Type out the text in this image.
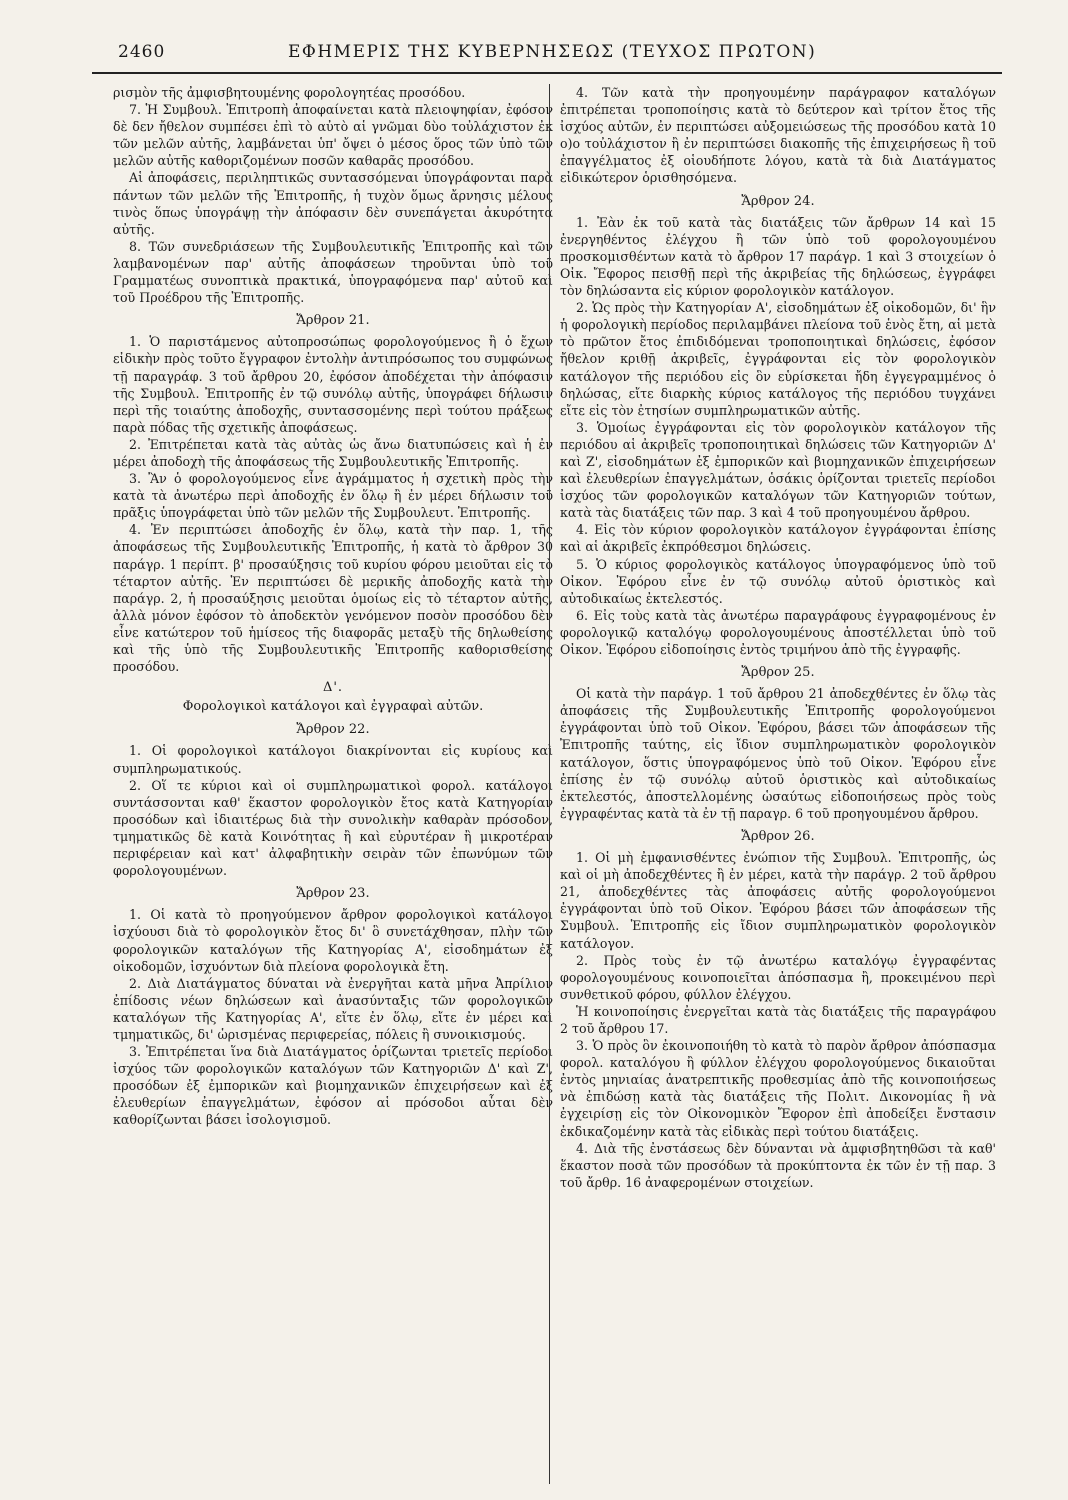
2460	ΕΦΗΜΕΡΙΣ ΤΗΣ ΚΥΒΕΡΝΗΣΕΩΣ (ΤΕΥΧΟΣ ΠΡΩΤΟΝ)

ρισμὸν τῆς ἀμφισβητουμένης φορολογητέας προσόδου.

7. Ἡ Συμβουλ. Ἐπιτροπὴ ἀποφαίνεται κατὰ πλειοψηφίαν, ἐφόσον δὲ δεν ἤθελον συμπέσει ἐπὶ τὸ αὐτὸ αἱ γνῶμαι δὺο τοὐλάχιστον ἐκ τῶν μελῶν αὐτῆς, λαμβάνεται ὑπ' ὄψει ὁ μέσος ὅρος τῶν ὑπὸ τῶν μελῶν αὐτῆς καθοριζομένων ποσῶν καθαρᾶς προσόδου.

Αἱ ἀποφάσεις, περιληπτικῶς συντασσόμεναι ὑπογράφονται παρὰ πάντων τῶν μελῶν τῆς Ἐπιτροπῆς, ἡ τυχὸν ὅμως ἄρνησις μέλους τινὸς ὅπως ὑπογράψῃ τὴν ἀπόφασιν δὲν συνεπάγεται ἀκυρότητα αὐτῆς.

8. Τῶν συνεδριάσεων τῆς Συμβουλευτικῆς Ἐπιτροπῆς καὶ τῶν λαμβανομένων παρ' αὐτῆς ἀποφάσεων τηροῦνται ὑπὸ τοῦ Γραμματέως συνοπτικὰ πρακτικά, ὑπογραφόμενα παρ' αὐτοῦ καὶ τοῦ Προέδρου τῆς Ἐπιτροπῆς.

Ἄρθρον 21.

1. Ὁ παριστάμενος αὐτοπροσώπως φορολογούμενος ἢ ὁ ἔχων εἰδικὴν πρὸς τοῦτο ἔγγραφον ἐντολὴν ἀντιπρόσωπος του συμφώνως τῇ παραγράφ. 3 τοῦ ἄρθρου 20, ἐφόσον ἀποδέχεται τὴν ἀπόφασιν τῆς Συμβουλ. Ἐπιτροπῆς ἐν τῷ συνόλῳ αὐτῆς, ὑπογράφει δήλωσιν περὶ τῆς τοιαύτης ἀποδοχῆς, συντασσομένης περὶ τούτου πράξεως παρὰ πόδας τῆς σχετικῆς ἀποφάσεως.

2. Ἐπιτρέπεται κατὰ τὰς αὐτὰς ὡς ἄνω διατυπώσεις καὶ ἡ ἐν μέρει ἀποδοχὴ τῆς ἀποφάσεως τῆς Συμβουλευτικῆς Ἐπιτροπῆς.

3. Ἂν ὁ φορολογούμενος εἶνε ἀγράμματος ἡ σχετικὴ πρὸς τὴν κατὰ τὰ ἀνωτέρω περὶ ἀποδοχῆς ἐν ὅλῳ ἢ ἐν μέρει δήλωσιν τοῦ πρᾶξις ὑπογράφεται ὑπὸ τῶν μελῶν τῆς Συμβουλευτ. Ἐπιτροπῆς.

4. Ἐν περιπτώσει ἀποδοχῆς ἐν ὅλῳ, κατὰ τὴν παρ. 1, τῆς ἀποφάσεως τῆς Συμβουλευτικῆς Ἐπιτροπῆς, ἡ κατὰ τὸ ἄρθρον 30 παράγρ. 1 περίπτ. β' προσαύξησις τοῦ κυρίου φόρου μειοῦται εἰς τὸ τέταρτον αὐτῆς. Ἐν περιπτώσει δὲ μερικῆς ἀποδοχῆς κατὰ τὴν παράγρ. 2, ἡ προσαύξησις μειοῦται ὁμοίως εἰς τὸ τέταρτον αὐτῆς, ἀλλὰ μόνον ἐφόσον τὸ ἀποδεκτὸν γενόμενον ποσὸν προσόδου δὲν εἶνε κατώτερον τοῦ ἡμίσεος τῆς διαφορᾶς μεταξὺ τῆς δηλωθείσης καὶ τῆς ὑπὸ τῆς Συμβουλευτικῆς Ἐπιτροπῆς καθορισθείσης προσόδου.

Δ'.
Φορολογικοὶ κατάλογοι καὶ ἐγγραφαὶ αὐτῶν.
Ἄρθρον 22.

1. Οἱ φορολογικοὶ κατάλογοι διακρίνονται εἰς κυρίους καὶ συμπληρωματικούς.

2. Οἵ τε κύριοι καὶ οἱ συμπληρωματικοὶ φορολ. κατάλογοι συντάσσονται καθ' ἕκαστον φορολογικὸν ἔτος κατὰ Κατηγορίαν προσόδων καὶ ἰδιαιτέρως διὰ τὴν συνολικὴν καθαρὰν πρόσοδον, τμηματικῶς δὲ κατὰ Κοινότητας ἢ καὶ εὐρυτέραν ἢ μικροτέραν περιφέρειαν καὶ κατ' ἀλφαβητικὴν σειρὰν τῶν ἐπωνύμων τῶν φορολογουμένων.

Ἄρθρον 23.

1. Οἱ κατὰ τὸ προηγούμενον ἄρθρον φορολογικοὶ κατάλογοι ἰσχύουσι διὰ τὸ φορολογικὸν ἔτος δι' ὃ συνετάχθησαν, πλὴν τῶν φορολογικῶν καταλόγων τῆς Κατηγορίας Α', εἰσοδημάτων ἐξ οἰκοδομῶν, ἰσχυόντων διὰ πλείονα φορολογικὰ ἔτη.

2. Διὰ Διατάγματος δύναται νὰ ἐνεργῆται κατὰ μῆνα Ἀπρίλιον ἐπίδοσις νέων δηλώσεων καὶ ἀνασύνταξις τῶν φορολογικῶν καταλόγων τῆς Κατηγορίας Α', εἴτε ἐν ὅλῳ, εἴτε ἐν μέρει καὶ τμηματικῶς, δι' ὡρισμένας περιφερείας, πόλεις ἢ συνοικισμούς.

3. Ἐπιτρέπεται ἵνα διὰ Διατάγματος ὁρίζωνται τριετεῖς περίοδοι ἰσχύος τῶν φορολογικῶν καταλόγων τῶν Κατηγοριῶν Δ' καὶ Ζ', προσόδων ἐξ ἐμπορικῶν καὶ βιομηχανικῶν ἐπιχειρήσεων καὶ ἐξ ἐλευθερίων ἐπαγγελμάτων, ἐφόσον αἱ πρόσοδοι αὗται δὲν καθορίζωνται βάσει ἰσολογισμοῦ.

4. Τῶν κατὰ τὴν προηγουμένην παράγραφον καταλόγων ἐπιτρέπεται τροποποίησις κατὰ τὸ δεύτερον καὶ τρίτον ἔτος τῆς ἰσχύος αὐτῶν, ἐν περιπτώσει αὐξομειώσεως τῆς προσόδου κατὰ 10 ο)ο τοὐλάχιστον ἢ ἐν περιπτώσει διακοπῆς τῆς ἐπιχειρήσεως ἢ τοῦ ἐπαγγέλματος ἐξ οἱουδήποτε λόγου, κατὰ τὰ διὰ Διατάγματος εἰδικώτερον ὁρισθησόμενα.

Ἄρθρον 24.

1. Ἐὰν ἐκ τοῦ κατὰ τὰς διατάξεις τῶν ἄρθρων 14 καὶ 15 ἐνεργηθέντος ἐλέγχου ἢ τῶν ὑπὸ τοῦ φορολογουμένου προσκομισθέντων κατὰ τὸ ἄρθρον 17 παράγρ. 1 καὶ 3 στοιχείων ὁ Οἰκ. Ἔφορος πεισθῇ περὶ τῆς ἀκριβείας τῆς δηλώσεως, ἐγγράφει τὸν δηλώσαντα εἰς κύριον φορολογικὸν κατάλογον.

2. Ὡς πρὸς τὴν Κατηγορίαν Α', εἰσοδημάτων ἐξ οἰκοδομῶν, δι' ἣν ἡ φορολογικὴ περίοδος περιλαμβάνει πλείονα τοῦ ἑνὸς ἔτη, αἱ μετὰ τὸ πρῶτον ἔτος ἐπιδιδόμεναι τροποποιητικαὶ δηλώσεις, ἐφόσον ἤθελον κριθῇ ἀκριβεῖς, ἐγγράφονται εἰς τὸν φορολογικὸν κατάλογον τῆς περιόδου εἰς ὃν εὑρίσκεται ἤδη ἐγγεγραμμένος ὁ δηλώσας, εἴτε διαρκὴς κύριος κατάλογος τῆς περιόδου τυγχάνει εἴτε εἰς τὸν ἐτησίων συμπληρωματικῶν αὐτῆς.

3. Ὁμοίως ἐγγράφονται εἰς τὸν φορολογικὸν κατάλογον τῆς περιόδου αἱ ἀκριβεῖς τροποποιητικαὶ δηλώσεις τῶν Κατηγοριῶν Δ' καὶ Ζ', εἰσοδημάτων ἐξ ἐμπορικῶν καὶ βιομηχανικῶν ἐπιχειρήσεων καὶ ἐλευθερίων ἐπαγγελμάτων, ὁσάκις ὁρίζονται τριετεῖς περίοδοι ἰσχύος τῶν φορολογικῶν καταλόγων τῶν Κατηγοριῶν τούτων, κατὰ τὰς διατάξεις τῶν παρ. 3 καὶ 4 τοῦ προηγουμένου ἄρθρου.

4. Εἰς τὸν κύριον φορολογικὸν κατάλογον ἐγγράφονται ἐπίσης καὶ αἱ ἀκριβεῖς ἐκπρόθεσμοι δηλώσεις.

5. Ὁ κύριος φορολογικὸς κατάλογος ὑπογραφόμενος ὑπὸ τοῦ Οἰκον. Ἐφόρου εἶνε ἐν τῷ συνόλῳ αὐτοῦ ὁριστικὸς καὶ αὐτοδικαίως ἐκτελεστός.

6. Εἰς τοὺς κατὰ τὰς ἀνωτέρω παραγράφους ἐγγραφομένους ἐν φορολογικῷ καταλόγῳ φορολογουμένους ἀποστέλλεται ὑπὸ τοῦ Οἰκον. Ἐφόρου εἰδοποίησις ἐντὸς τριμήνου ἀπὸ τῆς ἐγγραφῆς.

Ἄρθρον 25.

Οἱ κατὰ τὴν παράγρ. 1 τοῦ ἄρθρου 21 ἀποδεχθέντες ἐν ὅλῳ τὰς ἀποφάσεις τῆς Συμβουλευτικῆς Ἐπιτροπῆς φορολογούμενοι ἐγγράφονται ὑπὸ τοῦ Οἰκον. Ἐφόρου, βάσει τῶν ἀποφάσεων τῆς Ἐπιτροπῆς ταύτης, εἰς ἴδιον συμπληρωματικὸν φορολογικὸν κατάλογον, ὅστις ὑπογραφόμενος ὑπὸ τοῦ Οἰκον. Ἐφόρου εἶνε ἐπίσης ἐν τῷ συνόλῳ αὐτοῦ ὁριστικὸς καὶ αὐτοδικαίως ἐκτελεστός, ἀποστελλομένης ὡσαύτως εἰδοποιήσεως πρὸς τοὺς ἐγγραφέντας κατὰ τὰ ἐν τῇ παραγρ. 6 τοῦ προηγουμένου ἄρθρου.

Ἄρθρον 26.

1. Οἱ μὴ ἐμφανισθέντες ἐνώπιον τῆς Συμβουλ. Ἐπιτροπῆς, ὡς καὶ οἱ μὴ ἀποδεχθέντες ἢ ἐν μέρει, κατὰ τὴν παράγρ. 2 τοῦ ἄρθρου 21, ἀποδεχθέντες τὰς ἀποφάσεις αὐτῆς φορολογούμενοι ἐγγράφονται ὑπὸ τοῦ Οἰκον. Ἐφόρου βάσει τῶν ἀποφάσεων τῆς Συμβουλ. Ἐπιτροπῆς εἰς ἴδιον συμπληρωματικὸν φορολογικὸν κατάλογον.

2. Πρὸς τοὺς ἐν τῷ ἀνωτέρω καταλόγῳ ἐγγραφέντας φορολογουμένους κοινοποιεῖται ἀπόσπασμα ἢ, προκειμένου περὶ συνθετικοῦ φόρου, φύλλον ἐλέγχου.

Ἡ κοινοποίησις ἐνεργεῖται κατὰ τὰς διατάξεις τῆς παραγράφου 2 τοῦ ἄρθρου 17.

3. Ὁ πρὸς ὃν ἐκοινοποιήθη τὸ κατὰ τὸ παρὸν ἄρθρον ἀπόσπασμα φορολ. καταλόγου ἢ φύλλον ἐλέγχου φορολογούμενος δικαιοῦται ἐντὸς μηνιαίας ἀνατρεπτικῆς προθεσμίας ἀπὸ τῆς κοινοποιήσεως νὰ ἐπιδώσῃ κατὰ τὰς διατάξεις τῆς Πολιτ. Δικονομίας ἢ νὰ ἐγχειρίσῃ εἰς τὸν Οἰκονομικὸν Ἔφορον ἐπὶ ἀποδείξει ἔνστασιν ἐκδικαζομένην κατὰ τὰς εἰδικὰς περὶ τούτου διατάξεις.

4. Διὰ τῆς ἐνστάσεως δὲν δύνανται νὰ ἀμφισβητηθῶσι τὰ καθ' ἕκαστον ποσὰ τῶν προσόδων τὰ προκύπτοντα ἐκ τῶν ἐν τῇ παρ. 3 τοῦ ἄρθρ. 16 ἀναφερομένων στοιχείων.
